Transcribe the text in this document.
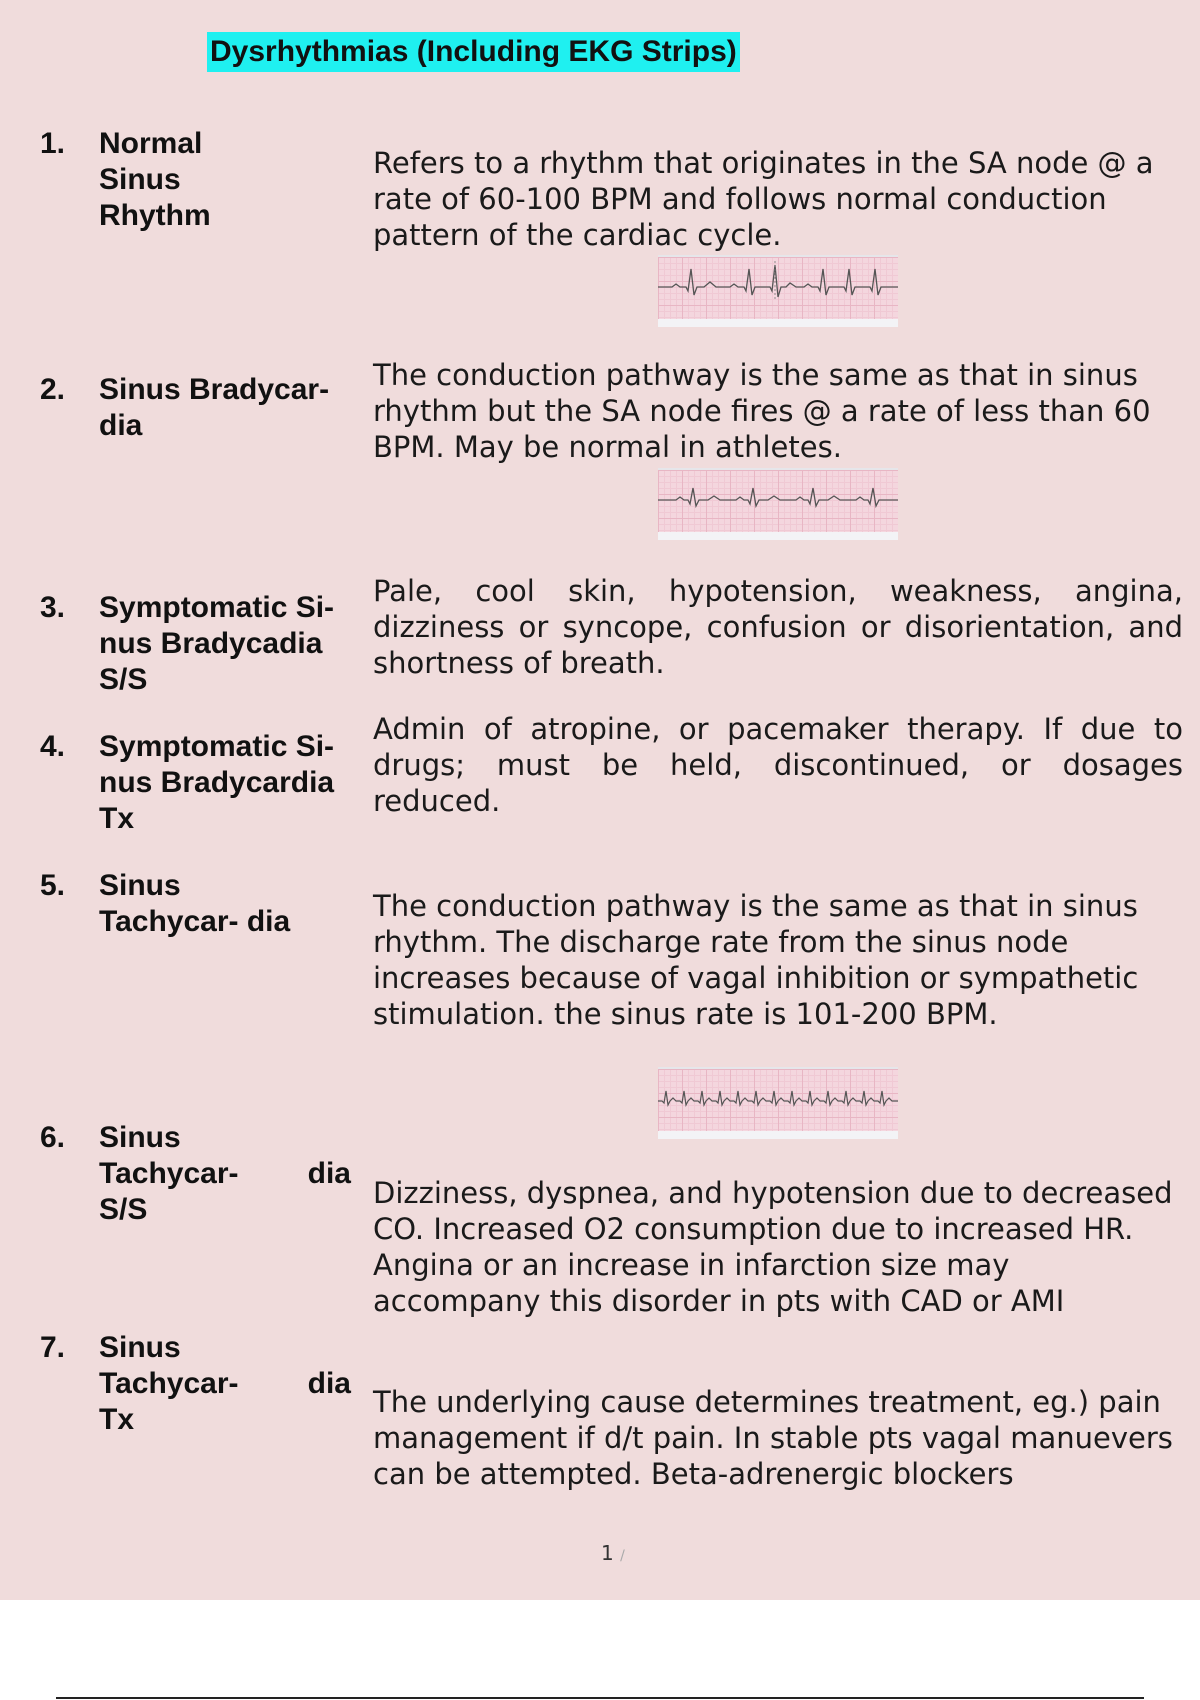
Dysrhythmias (Including EKG Strips)
1. Normal
Sinus
Rhythm
Refers to a rhythm that originates in the SA node @ a rate of 60-100 BPM and follows normal conduction pattern of the cardiac cycle.
2. Sinus Bradycar-
dia
The conduction pathway is the same as that in sinus rhythm but the SA node fires @ a rate of less than 60 BPM. May be normal in athletes.
3. Symptomatic Si-
nus Bradycadia
S/S
Pale, cool skin, hypotension, weakness, angina, dizziness or syncope, confusion or disorientation, and shortness of breath.
4. Symptomatic Si-
nus Bradycardia
Tx
Admin of atropine, or pacemaker therapy. If due to drugs; must be held, discontinued, or dosages reduced.
5. Sinus
Tachycar- dia	The conduction pathway is the same as that in sinus rhythm. The discharge rate from the sinus node increases because of vagal inhibition or sympathetic stimulation. the sinus rate is 101-200 BPM.
6. Sinus
Tachycar- dia
S/S	Dizziness, dyspnea, and hypotension due to decreased CO. Increased O2 consumption due to increased HR. Angina or an increase in infarction size may accompany this disorder in pts with CAD or AMI
7. Sinus
Tachycar- dia
Tx
The underlying cause determines treatment, eg.) pain management if d/t pain. In stable pts vagal manuevers can be attempted. Beta-adrenergic blockers
1 /
